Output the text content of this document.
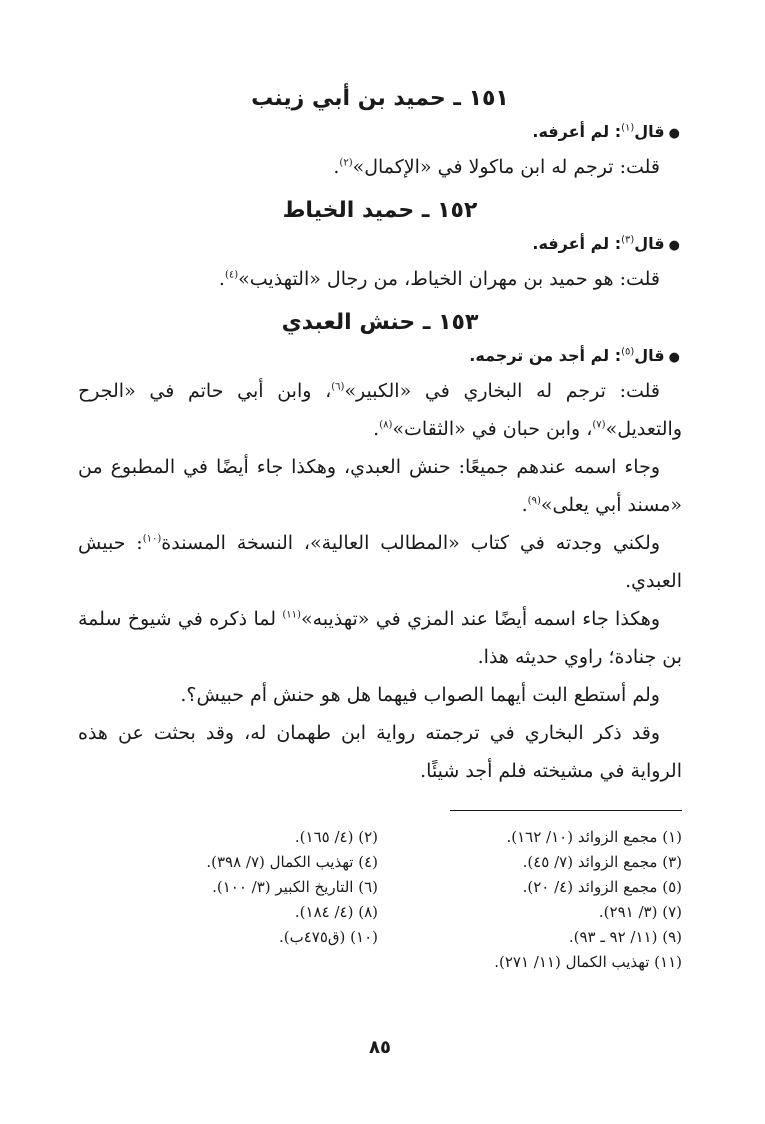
١٥١ ـ حميد بن أبي زينب

●قال$^{(١)}$: لم أعرفه.

قلت: ترجم له ابن ماكولا في «الإكمال»$^{(٢)}$.

١٥٢ ـ حميد الخياط

●قال$^{(٣)}$: لم أعرفه.

قلت: هو حميد بن مهران الخياط، من رجال «التهذيب»$^{(٤)}$.

١٥٣ ـ حنش العبدي

●قال$^{(٥)}$: لم أجد من ترجمه.

قلت: ترجم له البخاري في «الكبير»$^{(٦)}$، وابن أبي حاتم في «الجرح والتعديل»$^{(٧)}$، وابن حبان في «الثقات»$^{(٨)}$.

وجاء اسمه عندهم جميعًا: حنش العبدي، وهكذا جاء أيضًا في المطبوع من «مسند أبي يعلى»$^{(٩)}$.

ولكني وجدته في كتاب «المطالب العالية»، النسخة المسندة$^{(١٠)}$: حبيش العبدي.

وهكذا جاء اسمه أيضًا عند المزي في «تهذيبه»$^{(١١)}$ لما ذكره في شيوخ سلمة بن جنادة؛ راوي حديثه هذا.

ولم أستطع البت أيهما الصواب فيهما هل هو حنش أم حبيش؟.

وقد ذكر البخاري في ترجمته رواية ابن طهمان له، وقد بحثت عن هذه الرواية في مشيخته فلم أجد شيئًا.

(١) مجمع الزوائد (١٠/ ١٦٢).
(٢) (٤/ ١٦٥).
(٣) مجمع الزوائد (٧/ ٤٥).
(٤) تهذيب الكمال (٧/ ٣٩٨).
(٥) مجمع الزوائد (٤/ ٢٠).
(٦) التاريخ الكبير (٣/ ١٠٠).
(٧) (٣/ ٢٩١).
(٨) (٤/ ١٨٤).
(٩) (١١/ ٩٢ ـ ٩٣).
(١٠) (ق٤٧٥ب).
(١١) تهذيب الكمال (١١/ ٢٧١).
٨٥
